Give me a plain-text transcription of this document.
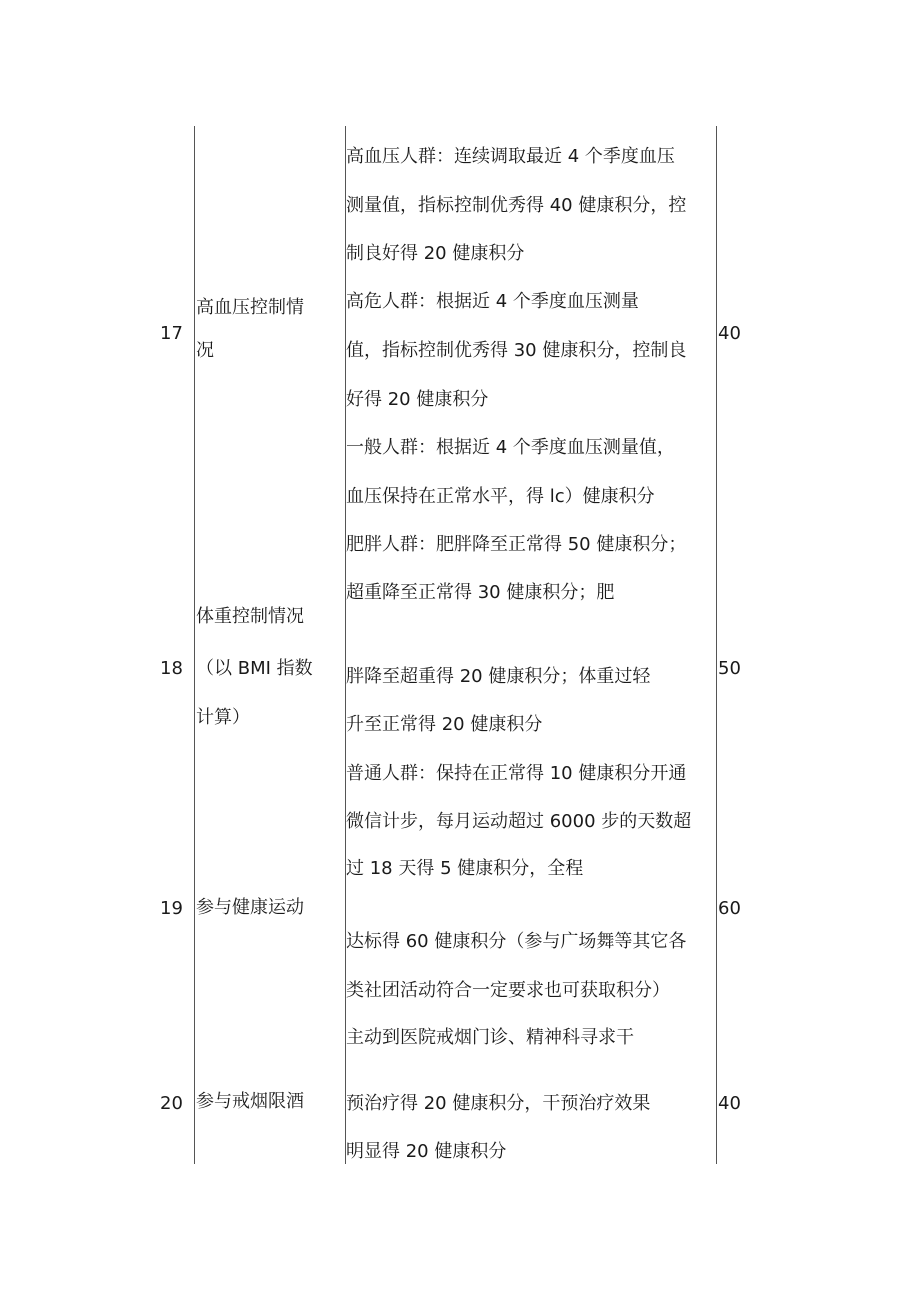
17
高血压控制情
况
高血压人群：连续调取最近 4 个季度血压
测量值，指标控制优秀得 40 健康积分，控
制良好得 20 健康积分
高危人群：根据近 4 个季度血压测量
值，指标控制优秀得 30 健康积分，控制良
好得 20 健康积分
一般人群：根据近 4 个季度血压测量值，
血压保持在正常水平，得 lc）健康积分
40
18
体重控制情况
（以 BMI 指数
计算）
肥胖人群：肥胖降至正常得 50 健康积分；
超重降至正常得 30 健康积分；肥
胖降至超重得 20 健康积分；体重过轻
升至正常得 20 健康积分
50
19 参与健康运动
普通人群：保持在正常得 10 健康积分开通
微信计步，每月运动超过 6000 步的天数超
过 18 天得 5 健康积分，全程
达标得 60 健康积分（参与广场舞等其它各
类社团活动符合一定要求也可获取积分）
60
20 参与戒烟限酒
主动到医院戒烟门诊、精神科寻求干
预治疗得 20 健康积分，干预治疗效果
明显得 20 健康积分
40
